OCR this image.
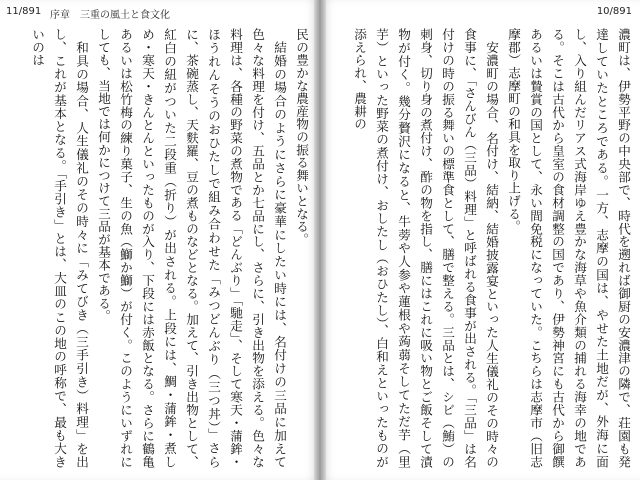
11/891 序章　三重の風土と食文化

民の豊かな農産物の振る舞いとなる。

結婚の場合のようにさらに豪華にしたい時には、名付けの三品に加えて色々な料理を付け、五品とか七品にし、さらに、引き出物を添える。色々な料理は、各種の野菜の煮物である「どんぶり」「馳走」、そして寒天・蒲鉾・ほうれんそうのおひたしで組み合わせた「みつどんぶり（三つ丼）」さらに、茶碗蒸し、天麩羅、豆の煮ものなどとなる。加えて、引き出物として、紅白の紐がついた二段重（折り）が出される。上段には、鯛・蒲鉾・煮しめ・寒天・きんとんといったものが入り、下段には赤飯となる。さらに鶴亀あるいは松竹梅の練り菓子、生の魚（鰤か鰤）が付く。このようにいずれにしても、当地では何かにつけて三品が基本である。

和具の場合、人生儀礼のその時々に「みてびき（三手引き）料理」を出し、これが基本となる。「手引き」とは、大皿のこの地の呼称で、最も大きいのは

10/891

濃町は、伊勢平野の中央部で、時代を遡れば御厨の安濃津の隣で、荘園も発達していたところである。一方、志摩の国は、やせた土地だが、外海に面し、入り組んだリアス式海岸ゆえ豊かな海草や魚介類の捕れる海幸の地である。そこは古代から皇室の食材調整の国であり、伊勢神宮にも古代から御饌あるいは贄賞の国として、永い間免税になっていた。こちらは志摩市（旧志摩郡）志摩町の和具を取り上げる。

安濃町の場合、名付け、結納、結婚披露宴といった人生儀礼のその時々の食事に、「さんびん（三品）料理」と呼ばれる食事が出される。「三品」は名付けの時の振る舞いの標準食として、膳で整える。三品とは、シビ（鮪）の刺身、切り身の煮付け、酢の物を指し、膳にはこれに吸い物とご飯そして漬物が付く。幾分贅沢になると、牛蒡や人参や蓮根や蒟蒻そしてただ芋（里芋）といった野菜の煮付け、おしたし（おひたし）、白和えといったものが添えられ、農耕の
